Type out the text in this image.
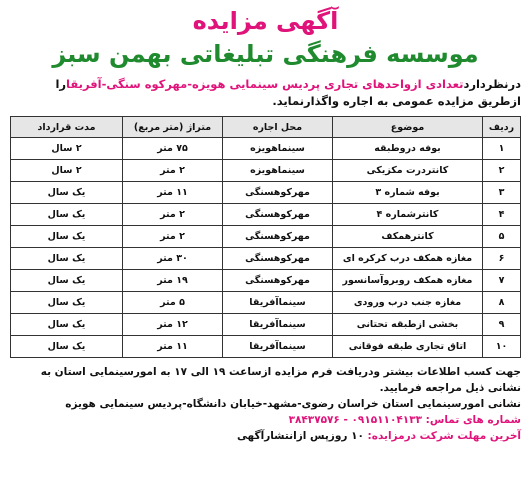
آگهی مزایده
موسسه فرهنگی تبلیغاتی بهمن سبز
درنظرداردتعدادی ازواحدهای تجاری پردیس سینمایی هویزه-مهرکوه سنگی-آفریقارا ازطریق مزایده عمومی به اجاره واگذارنماید.
ردیف	موضوع	محل اجاره	متراژ (متر مربع)	مدت قرارداد
۱	بوفه دروطبقه	سینماهویزه	۷۵ متر	۲ سال
۲	کانتردرت مکزیکی	سینماهویزه	۲ متر	۲ سال
۳	بوفه شماره ۳	مهرکوهسنگی	۱۱ متر	یک سال
۴	کانترشماره ۴	مهرکوهسنگی	۲ متر	یک سال
۵	کانترهمکف	مهرکوهسنگی	۲ متر	یک سال
۶	مغازه همکف درب کرکره ای	مهرکوهسنگی	۳۰ متر	یک سال
۷	مغازه همکف روبروآسانسور	مهرکوهسنگی	۱۹ متر	یک سال
۸	مغازه جنب درب ورودی	سینماآفریقا	۵ متر	یک سال
۹	بخشی ازطبقه تحتانی	سینماآفریقا	۱۲ متر	یک سال
۱۰	اتاق تجاری طبقه فوقانی	سینماآفریقا	۱۱ متر	یک سال
جهت کسب اطلاعات بیشتر ودریافت فرم مزایده ازساعت ۱۹ الی ۱۷ به امورسینمایی استان به نشانی ذیل مراجعه فرمایید.
نشانی امورسینمایی استان خراسان رضوی-مشهد-خیابان دانشگاه-پردیس سینمایی هویزه
شماره های تماس: ۰۹۱۵۱۱۰۴۱۳۳ - ۳۸۴۳۷۵۷۶
آخرین مهلت شرکت درمزایده: ۱۰ روزپس ازانتشارآگهی
